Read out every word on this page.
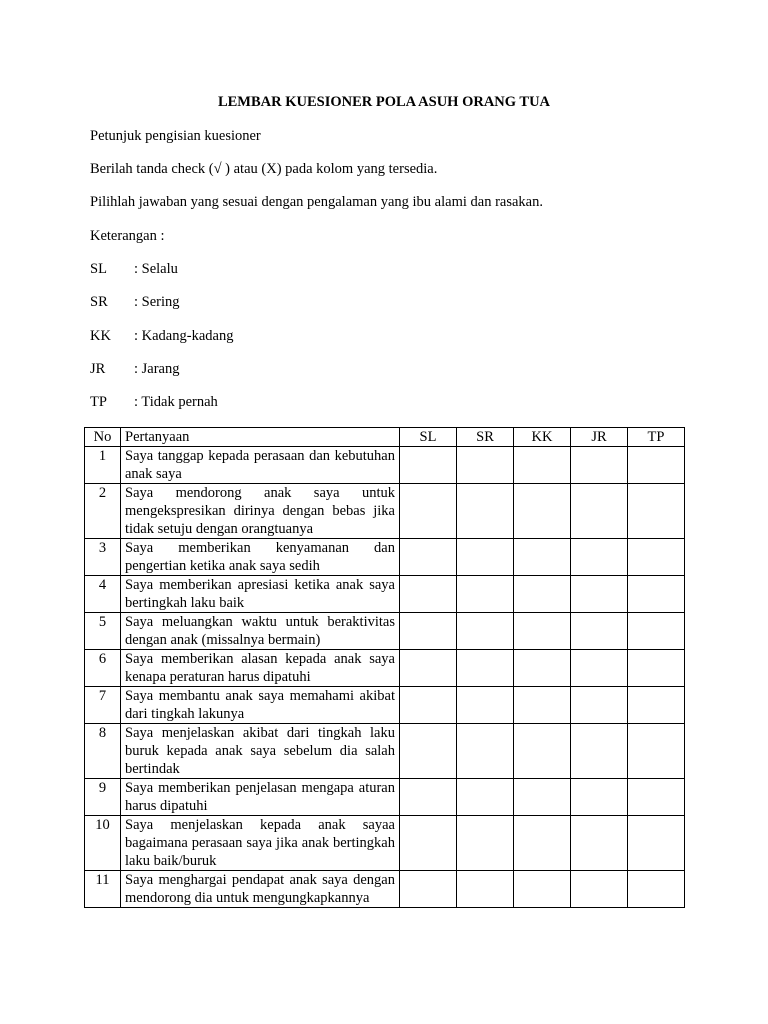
LEMBAR KUESIONER POLA ASUH ORANG TUA
Petunjuk pengisian kuesioner
Berilah tanda check (√ ) atau (X) pada kolom yang tersedia.
Pilihlah jawaban yang sesuai dengan pengalaman yang ibu alami dan rasakan.
Keterangan :
SL : Selalu
SR : Sering
KK : Kadang-kadang
JR : Jarang
TP : Tidak pernah
No	Pertanyaan	SL	SR	KK	JR	TP
1	Saya tanggap kepada perasaan dan kebutuhan anak saya					
2	Saya mendorong anak saya untuk mengekspresikan dirinya dengan bebas jika tidak setuju dengan orangtuanya					
3	Saya memberikan kenyamanan dan pengertian ketika anak saya sedih					
4	Saya memberikan apresiasi ketika anak saya bertingkah laku baik					
5	Saya meluangkan waktu untuk beraktivitas dengan anak (missalnya bermain)					
6	Saya memberikan alasan kepada anak saya kenapa peraturan harus dipatuhi					
7	Saya membantu anak saya memahami akibat dari tingkah lakunya					
8	Saya menjelaskan akibat dari tingkah laku buruk kepada anak saya sebelum dia salah bertindak					
9	Saya memberikan penjelasan mengapa aturan harus dipatuhi					
10	Saya menjelaskan kepada anak sayaa bagaimana perasaan saya jika anak bertingkah laku baik/buruk					
11	Saya menghargai pendapat anak saya dengan mendorong dia untuk mengungkapkannya					
